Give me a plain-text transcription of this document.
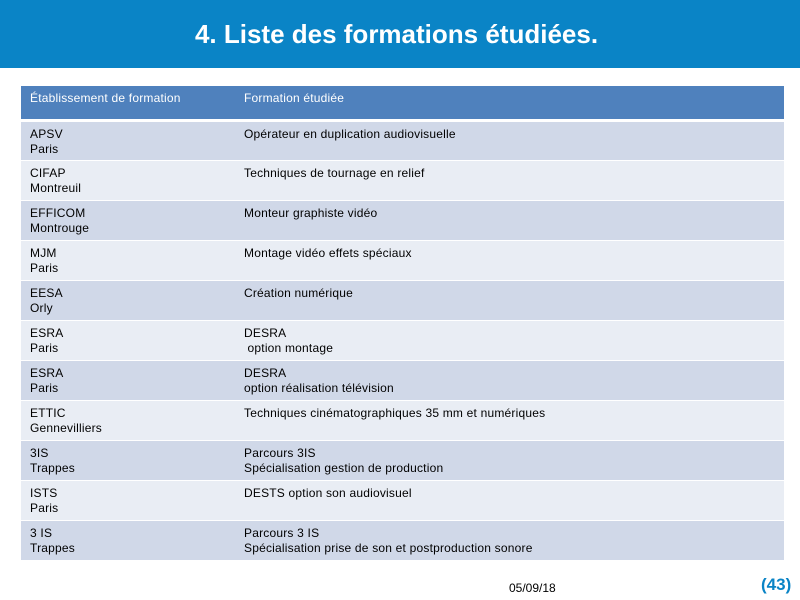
4. Liste des formations étudiées.
Établissement de formation	Formation étudiée

APSV
Paris	Opérateur en duplication audiovisuelle

CIFAP
Montreuil	Techniques de tournage en relief

EFFICOM
Montrouge	Monteur graphiste vidéo

MJM
Paris	Montage vidéo effets spéciaux

EESA
Orly	Création numérique

ESRA
Paris	DESRA
option montage

ESRA
Paris	DESRA
option réalisation télévision

ETTIC
Gennevilliers	Techniques cinématographiques 35 mm et numériques

3IS
Trappes	Parcours 3IS
Spécialisation gestion de production

ISTS
Paris	DESTS option son audiovisuel

3 IS
Trappes	Parcours 3 IS
Spécialisation prise de son et postproduction sonore
05/09/18	(43)
